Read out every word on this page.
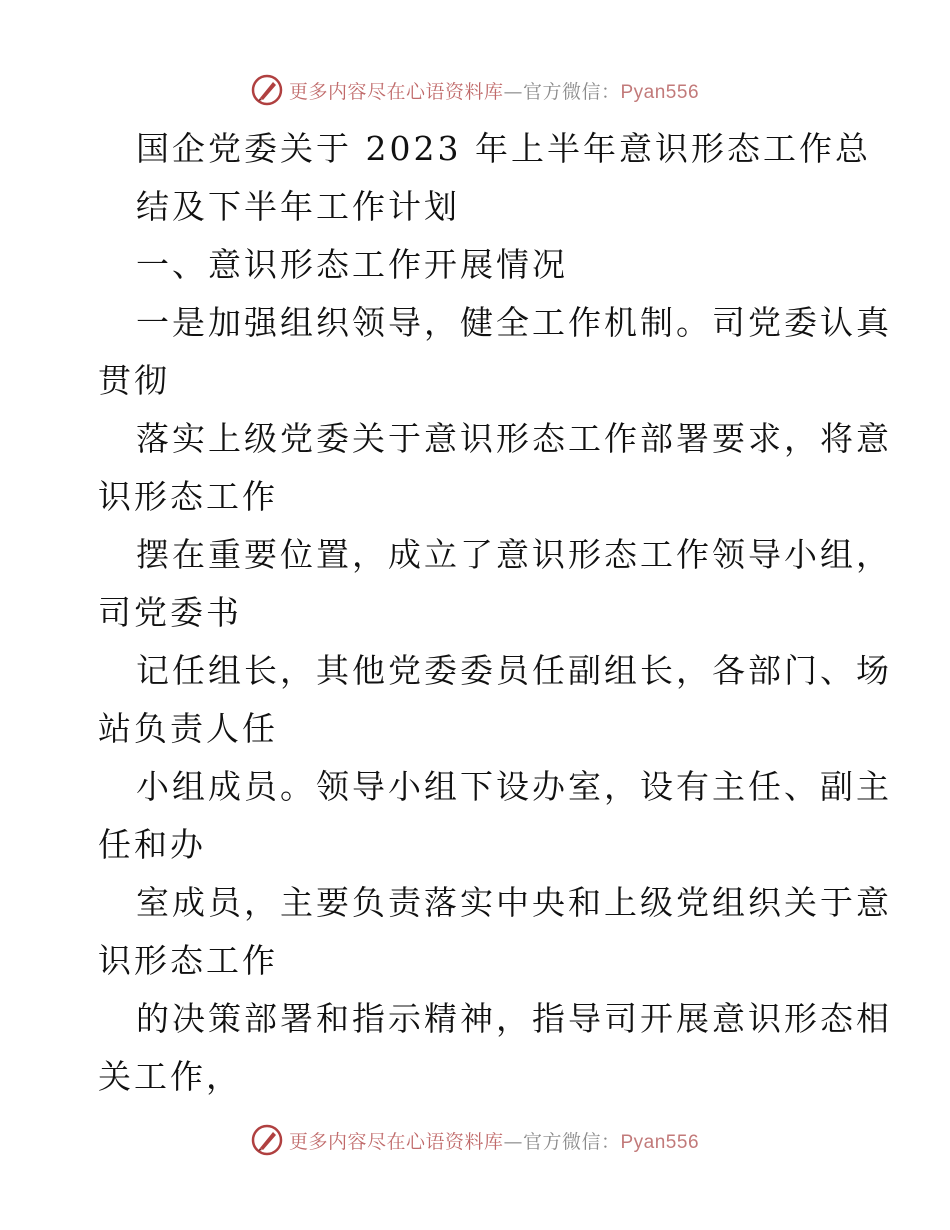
更多内容尽在心语资料库—官方微信：Pyan556
国企党委关于 2023 年上半年意识形态工作总
结及下半年工作计划
一、意识形态工作开展情况
一是加强组织领导，健全工作机制。司党委认真
贯彻
落实上级党委关于意识形态工作部署要求，将意
识形态工作
摆在重要位置，成立了意识形态工作领导小组，
司党委书
记任组长，其他党委委员任副组长，各部门、场
站负责人任
小组成员。领导小组下设办室，设有主任、副主
任和办
室成员，主要负责落实中央和上级党组织关于意
识形态工作
的决策部署和指示精神，指导司开展意识形态相
关工作，
更多内容尽在心语资料库—官方微信：Pyan556
